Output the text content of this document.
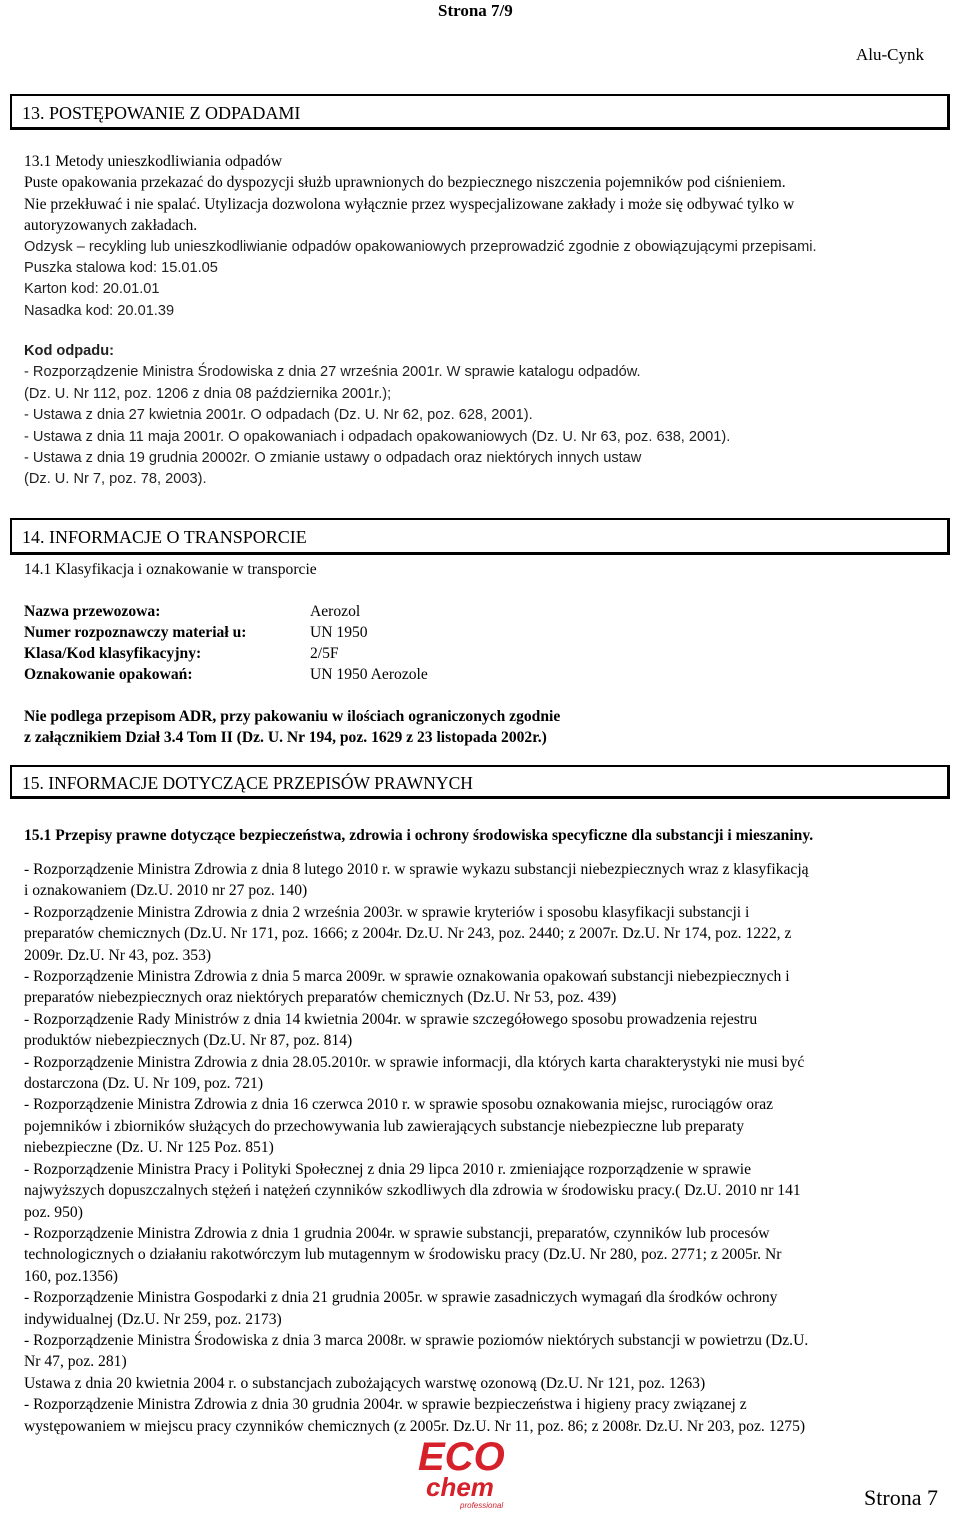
Strona 7/9
Alu-Cynk
13. POSTĘPOWANIE Z ODPADAMI
13.1 Metody unieszkodliwiania odpadów
Puste opakowania przekazać do dyspozycji służb uprawnionych do bezpiecznego niszczenia pojemników pod ciśnieniem.
Nie przekłuwać i nie spalać. Utylizacja dozwolona wyłącznie przez wyspecjalizowane zakłady i może się odbywać tylko w
autoryzowanych zakładach.
Odzysk – recykling lub unieszkodliwianie odpadów opakowaniowych przeprowadzić zgodnie z obowiązującymi przepisami.
Puszka stalowa kod: 15.01.05
Karton kod: 20.01.01
Nasadka kod: 20.01.39
Kod odpadu:
- Rozporządzenie Ministra Środowiska z dnia 27 września 2001r. W sprawie katalogu odpadów.
(Dz. U. Nr 112, poz. 1206 z dnia 08 października 2001r.);
- Ustawa z dnia 27 kwietnia 2001r. O odpadach (Dz. U. Nr 62, poz. 628, 2001).
- Ustawa z dnia 11 maja 2001r. O opakowaniach i odpadach opakowaniowych (Dz. U. Nr 63, poz. 638, 2001).
- Ustawa z dnia 19 grudnia 20002r. O zmianie ustawy o odpadach oraz niektórych innych ustaw
(Dz. U. Nr 7, poz. 78, 2003).
14. INFORMACJE O TRANSPORCIE
14.1 Klasyfikacja i oznakowanie w transporcie
Nazwa przewozowa:	Aerozol
Numer rozpoznawczy materiał u:	UN 1950
Klasa/Kod klasyfikacyjny:	2/5F
Oznakowanie opakowań:	UN 1950 Aerozole
Nie podlega przepisom ADR, przy pakowaniu w ilościach ograniczonych zgodnie
z załącznikiem Dział 3.4 Tom II (Dz. U. Nr 194, poz. 1629 z 23 listopada 2002r.)
15. INFORMACJE DOTYCZĄCE PRZEPISÓW PRAWNYCH
15.1 Przepisy prawne dotyczące bezpieczeństwa, zdrowia i ochrony środowiska specyficzne dla substancji i mieszaniny.
- Rozporządzenie Ministra Zdrowia z dnia 8 lutego 2010 r. w sprawie wykazu substancji niebezpiecznych wraz z klasyfikacją
i oznakowaniem (Dz.U. 2010 nr 27 poz. 140)
- Rozporządzenie Ministra Zdrowia z dnia 2 września 2003r. w sprawie kryteriów i sposobu klasyfikacji substancji i
preparatów chemicznych (Dz.U. Nr 171, poz. 1666; z 2004r. Dz.U. Nr 243, poz. 2440; z 2007r. Dz.U. Nr 174, poz. 1222, z
2009r. Dz.U. Nr 43, poz. 353)
- Rozporządzenie Ministra Zdrowia z dnia 5 marca 2009r. w sprawie oznakowania opakowań substancji niebezpiecznych i
preparatów niebezpiecznych oraz niektórych preparatów chemicznych (Dz.U. Nr 53, poz. 439)
- Rozporządzenie Rady Ministrów z dnia 14 kwietnia 2004r. w sprawie szczegółowego sposobu prowadzenia rejestru
produktów niebezpiecznych (Dz.U. Nr 87, poz. 814)
- Rozporządzenie Ministra Zdrowia z dnia 28.05.2010r. w sprawie informacji, dla których karta charakterystyki nie musi być
dostarczona (Dz. U. Nr 109, poz. 721)
- Rozporządzenie Ministra Zdrowia z dnia 16 czerwca 2010 r. w sprawie sposobu oznakowania miejsc, rurociągów oraz
pojemników i zbiorników służących do przechowywania lub zawierających substancje niebezpieczne lub preparaty
niebezpieczne (Dz. U. Nr 125 Poz. 851)
- Rozporządzenie Ministra Pracy i Polityki Społecznej z dnia 29 lipca 2010 r. zmieniające rozporządzenie w sprawie
najwyższych dopuszczalnych stężeń i natężeń czynników szkodliwych dla zdrowia w środowisku pracy.( Dz.U. 2010 nr 141
poz. 950)
- Rozporządzenie Ministra Zdrowia z dnia 1 grudnia 2004r. w sprawie substancji, preparatów, czynników lub procesów
technologicznych o działaniu rakotwórczym lub mutagennym w środowisku pracy (Dz.U. Nr 280, poz. 2771; z 2005r. Nr
160, poz.1356)
- Rozporządzenie Ministra Gospodarki z dnia 21 grudnia 2005r. w sprawie zasadniczych wymagań dla środków ochrony
indywidualnej (Dz.U. Nr 259, poz. 2173)
- Rozporządzenie Ministra Środowiska z dnia 3 marca 2008r. w sprawie poziomów niektórych substancji w powietrzu (Dz.U.
Nr 47, poz. 281)
Ustawa z dnia 20 kwietnia 2004 r. o substancjach zubożających warstwę ozonową (Dz.U. Nr 121, poz. 1263)
- Rozporządzenie Ministra Zdrowia z dnia 30 grudnia 2004r. w sprawie bezpieczeństwa i higieny pracy związanej z
występowaniem w miejscu pracy czynników chemicznych (z 2005r. Dz.U. Nr 11, poz. 86; z 2008r. Dz.U. Nr 203, poz. 1275)
ECO
chem
professional	Strona 7
